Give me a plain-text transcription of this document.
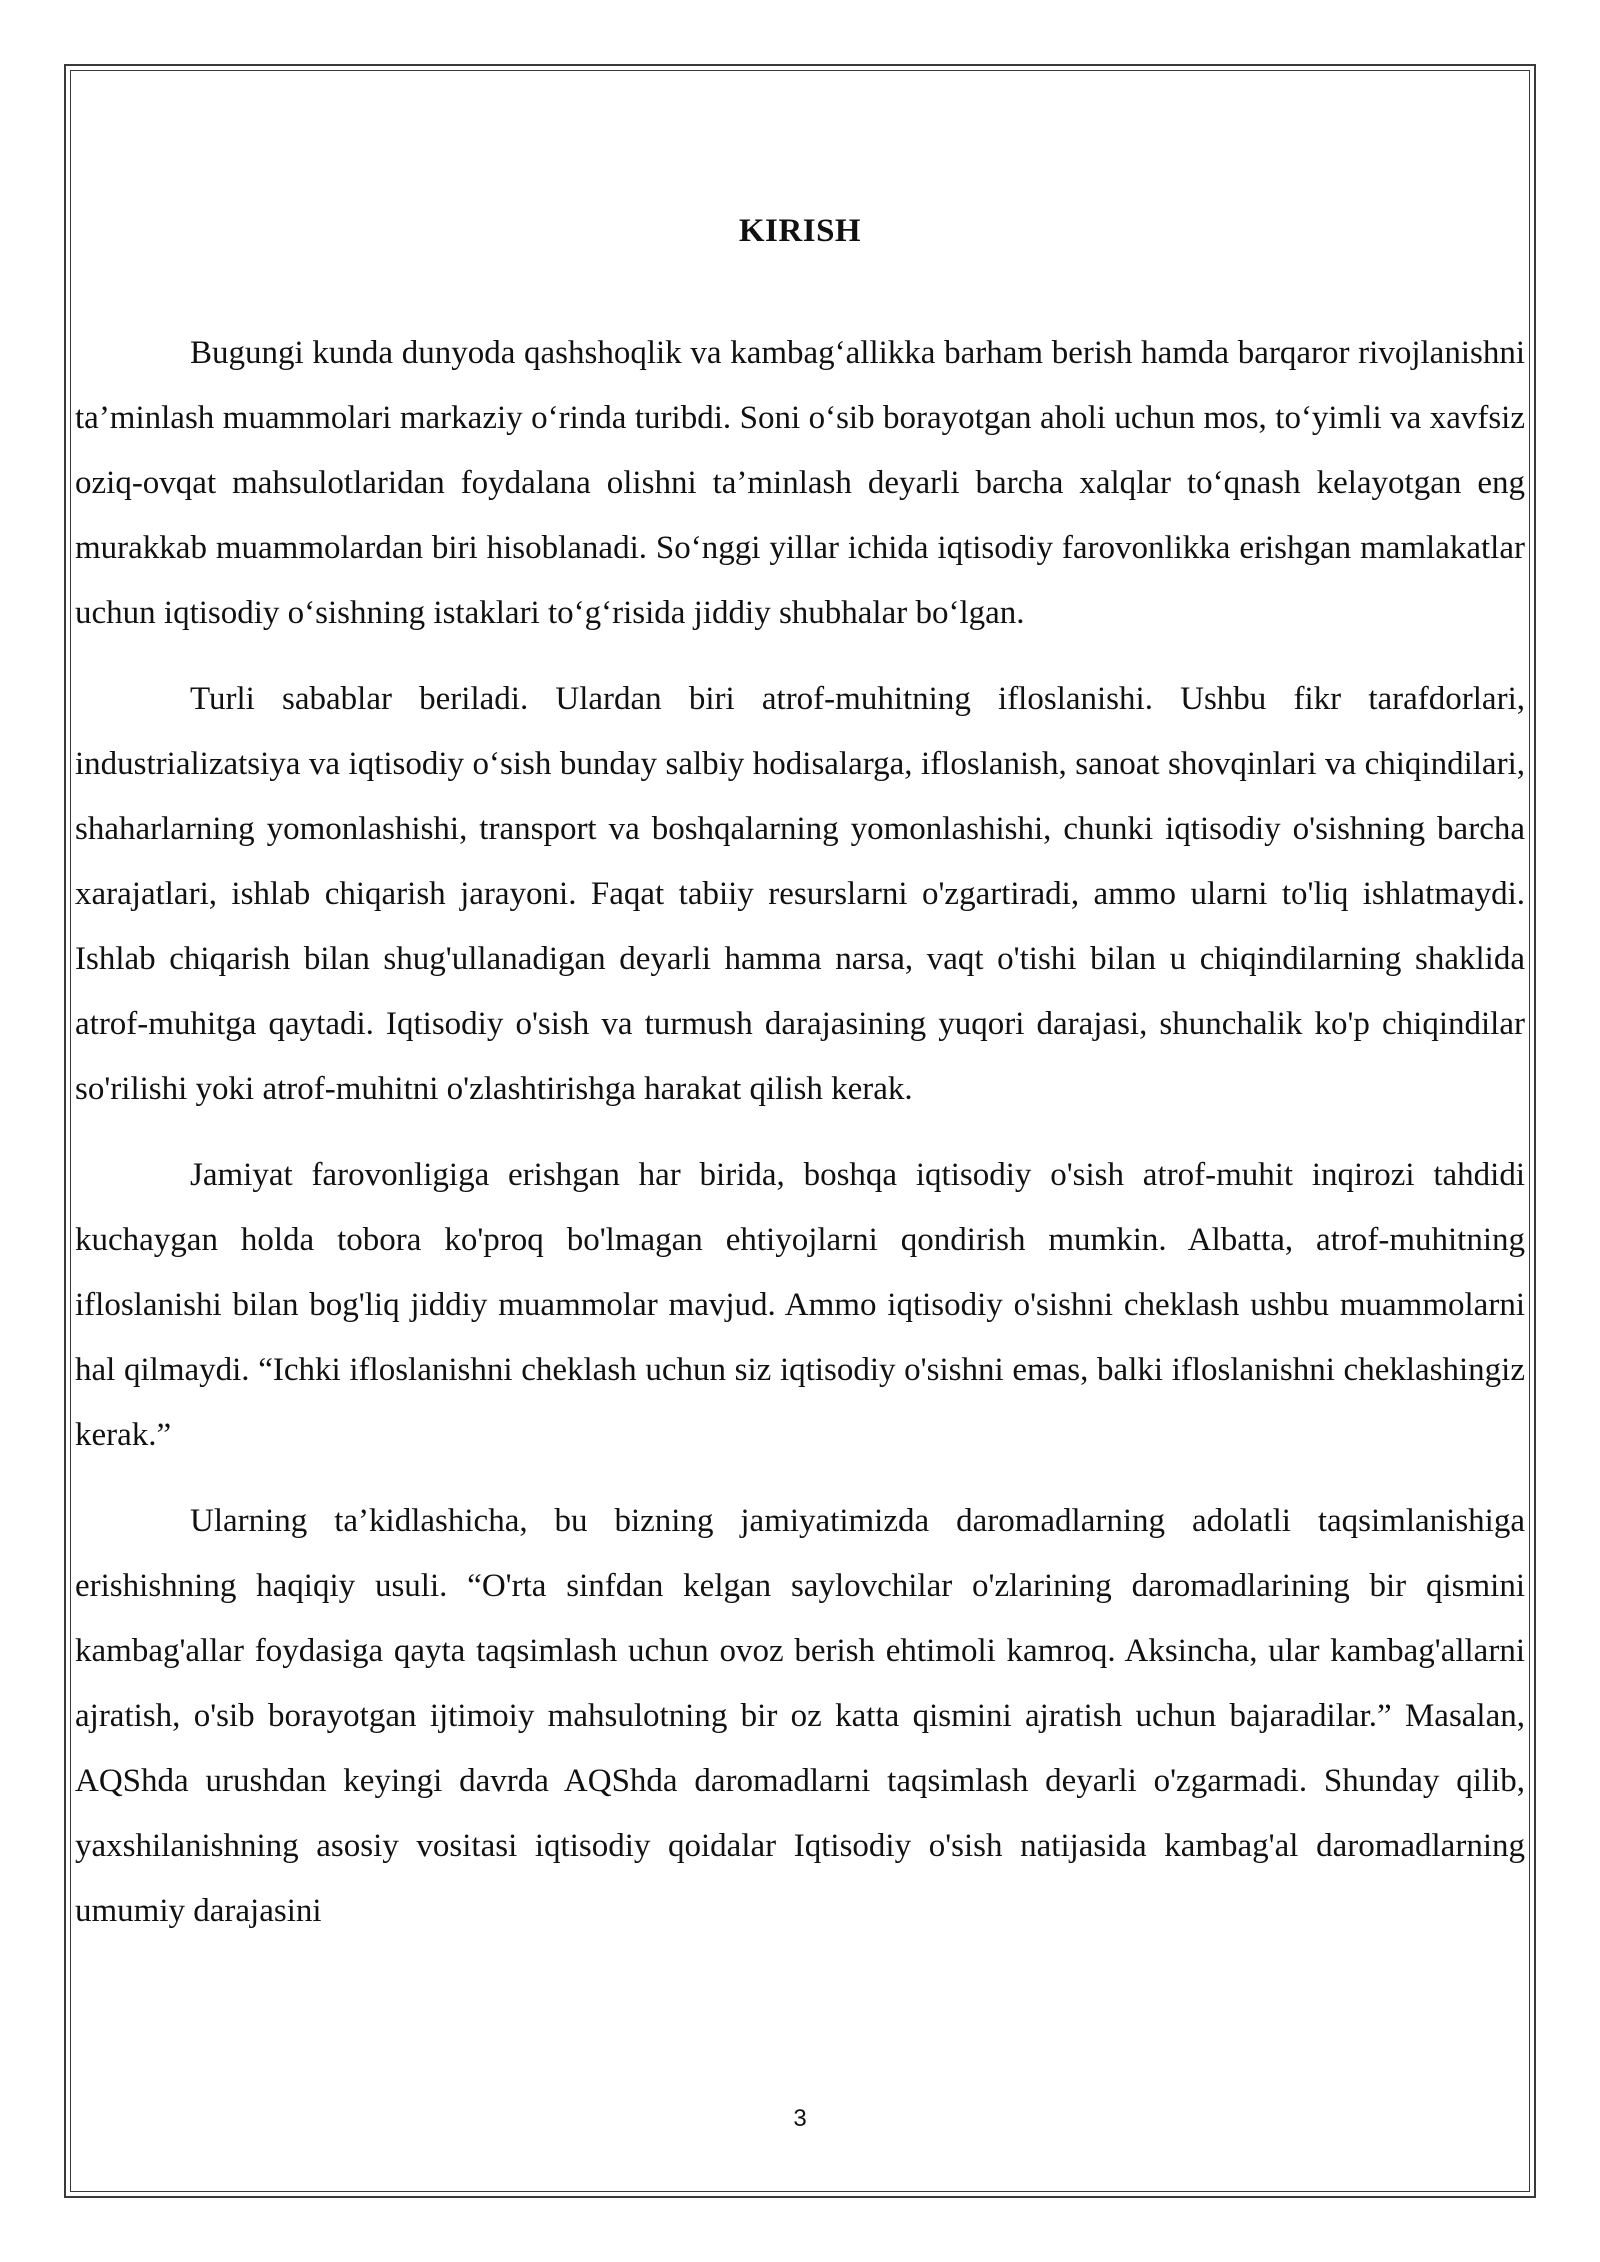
KIRISH

Bugungi kunda dunyoda qashshoqlik va kambag‘allikka barham berish hamda barqaror rivojlanishni ta’minlash muammolari markaziy o‘rinda turibdi. Soni o‘sib borayotgan aholi uchun mos, to‘yimli va xavfsiz oziq-ovqat mahsulotlaridan foydalana olishni ta’minlash deyarli barcha xalqlar to‘qnash kelayotgan eng murakkab muammolardan biri hisoblanadi. So‘nggi yillar ichida iqtisodiy farovonlikka erishgan mamlakatlar uchun iqtisodiy o‘sishning istaklari to‘g‘risida jiddiy shubhalar bo‘lgan.

Turli sabablar beriladi. Ulardan biri atrof-muhitning ifloslanishi. Ushbu fikr tarafdorlari, industrializatsiya va iqtisodiy o‘sish bunday salbiy hodisalarga, ifloslanish, sanoat shovqinlari va chiqindilari, shaharlarning yomonlashishi, transport va boshqalarning yomonlashishi, chunki iqtisodiy o'sishning barcha xarajatlari, ishlab chiqarish jarayoni. Faqat tabiiy resurslarni o'zgartiradi, ammo ularni to'liq ishlatmaydi. Ishlab chiqarish bilan shug'ullanadigan deyarli hamma narsa, vaqt o'tishi bilan u chiqindilarning shaklida atrof-muhitga qaytadi. Iqtisodiy o'sish va turmush darajasining yuqori darajasi, shunchalik ko'p chiqindilar so'rilishi yoki atrof-muhitni o'zlashtirishga harakat qilish kerak.

Jamiyat farovonligiga erishgan har birida, boshqa iqtisodiy o'sish atrof-muhit inqirozi tahdidi kuchaygan holda tobora ko'proq bo'lmagan ehtiyojlarni qondirish mumkin. Albatta, atrof-muhitning ifloslanishi bilan bog'liq jiddiy muammolar mavjud. Ammo iqtisodiy o'sishni cheklash ushbu muammolarni hal qilmaydi. “Ichki ifloslanishni cheklash uchun siz iqtisodiy o'sishni emas, balki ifloslanishni cheklashingiz kerak.”

Ularning ta’kidlashicha, bu bizning jamiyatimizda daromadlarning adolatli taqsimlanishiga erishishning haqiqiy usuli. “O'rta sinfdan kelgan saylovchilar o'zlarining daromadlarining bir qismini kambag'allar foydasiga qayta taqsimlash uchun ovoz berish ehtimoli kamroq. Aksincha, ular kambag'allarni ajratish, o'sib borayotgan ijtimoiy mahsulotning bir oz katta qismini ajratish uchun bajaradilar.” Masalan, AQShda urushdan keyingi davrda AQShda daromadlarni taqsimlash deyarli o'zgarmadi. Shunday qilib, yaxshilanishning asosiy vositasi iqtisodiy qoidalar Iqtisodiy o'sish natijasida kambag'al daromadlarning umumiy darajasini

3
